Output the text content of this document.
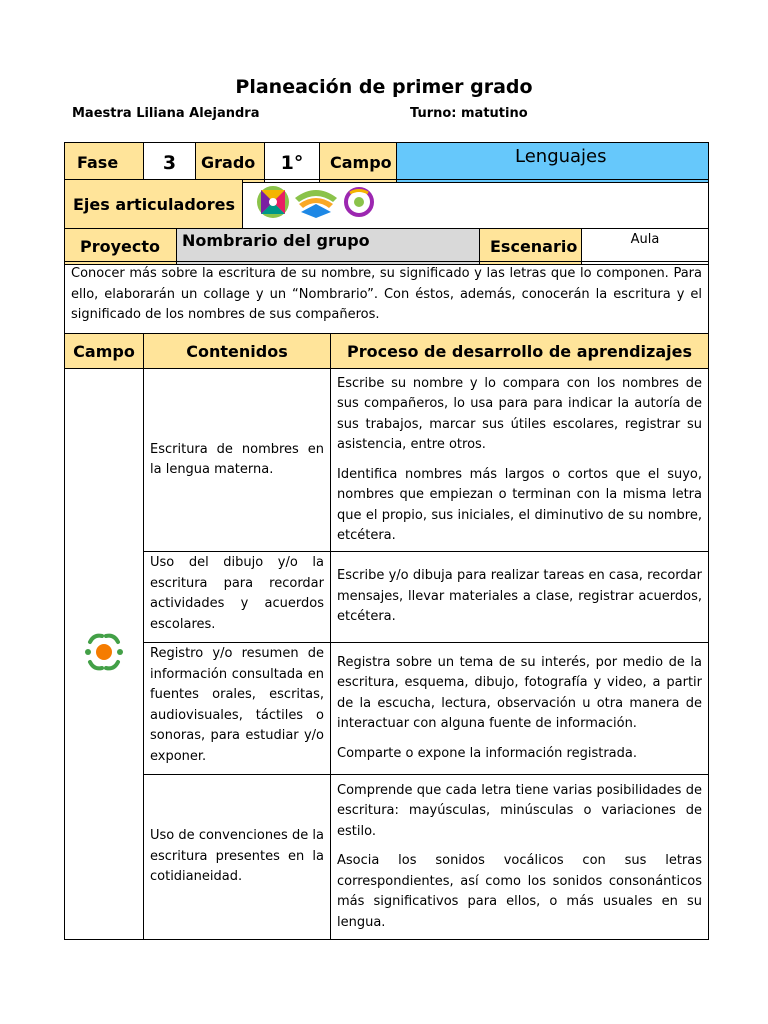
Planeación de primer grado
Maestra Liliana Alejandra	Turno: matutino
Fase	3	Grado	1°	Campo	Lenguajes
Ejes articuladores	
Proyecto	Nombrario del grupo	Escenario	Aula
Conocer más sobre la escritura de su nombre, su significado y las letras que lo componen. Para ello, elaborarán un collage y un “Nombrario”. Con éstos, además, conocerán la escritura y el significado de los nombres de sus compañeros.
Campo	Contenidos	Proceso de desarrollo de aprendizajes

Escritura de nombres en la lengua materna.	Escribe su nombre y lo compara con los nombres de sus compañeros, lo usa para para indicar la autoría de sus trabajos, marcar sus útiles escolares, registrar su asistencia, entre otros.

Identifica nombres más largos o cortos que el suyo, nombres que empiezan o terminan con la misma letra que el propio, sus iniciales, el diminutivo de su nombre, etcétera.

	Uso del dibujo y/o la escritura para recordar actividades y acuerdos escolares.	Escribe y/o dibuja para realizar tareas en casa, recordar mensajes, llevar materiales a clase, registrar acuerdos, etcétera.

	Registro y/o resumen de información consultada en fuentes orales, escritas, audiovisuales, táctiles o sonoras, para estudiar y/o exponer.	Registra sobre un tema de su interés, por medio de la escritura, esquema, dibujo, fotografía y video, a partir de la escucha, lectura, observación u otra manera de interactuar con alguna fuente de información.

Comparte o expone la información registrada.

	Uso de convenciones de la escritura presentes en la cotidianeidad.	Comprende que cada letra tiene varias posibilidades de escritura: mayúsculas, minúsculas o variaciones de estilo.

Asocia los sonidos vocálicos con sus letras correspondientes, así como los sonidos consonánticos más significativos para ellos, o más usuales en su lengua.
